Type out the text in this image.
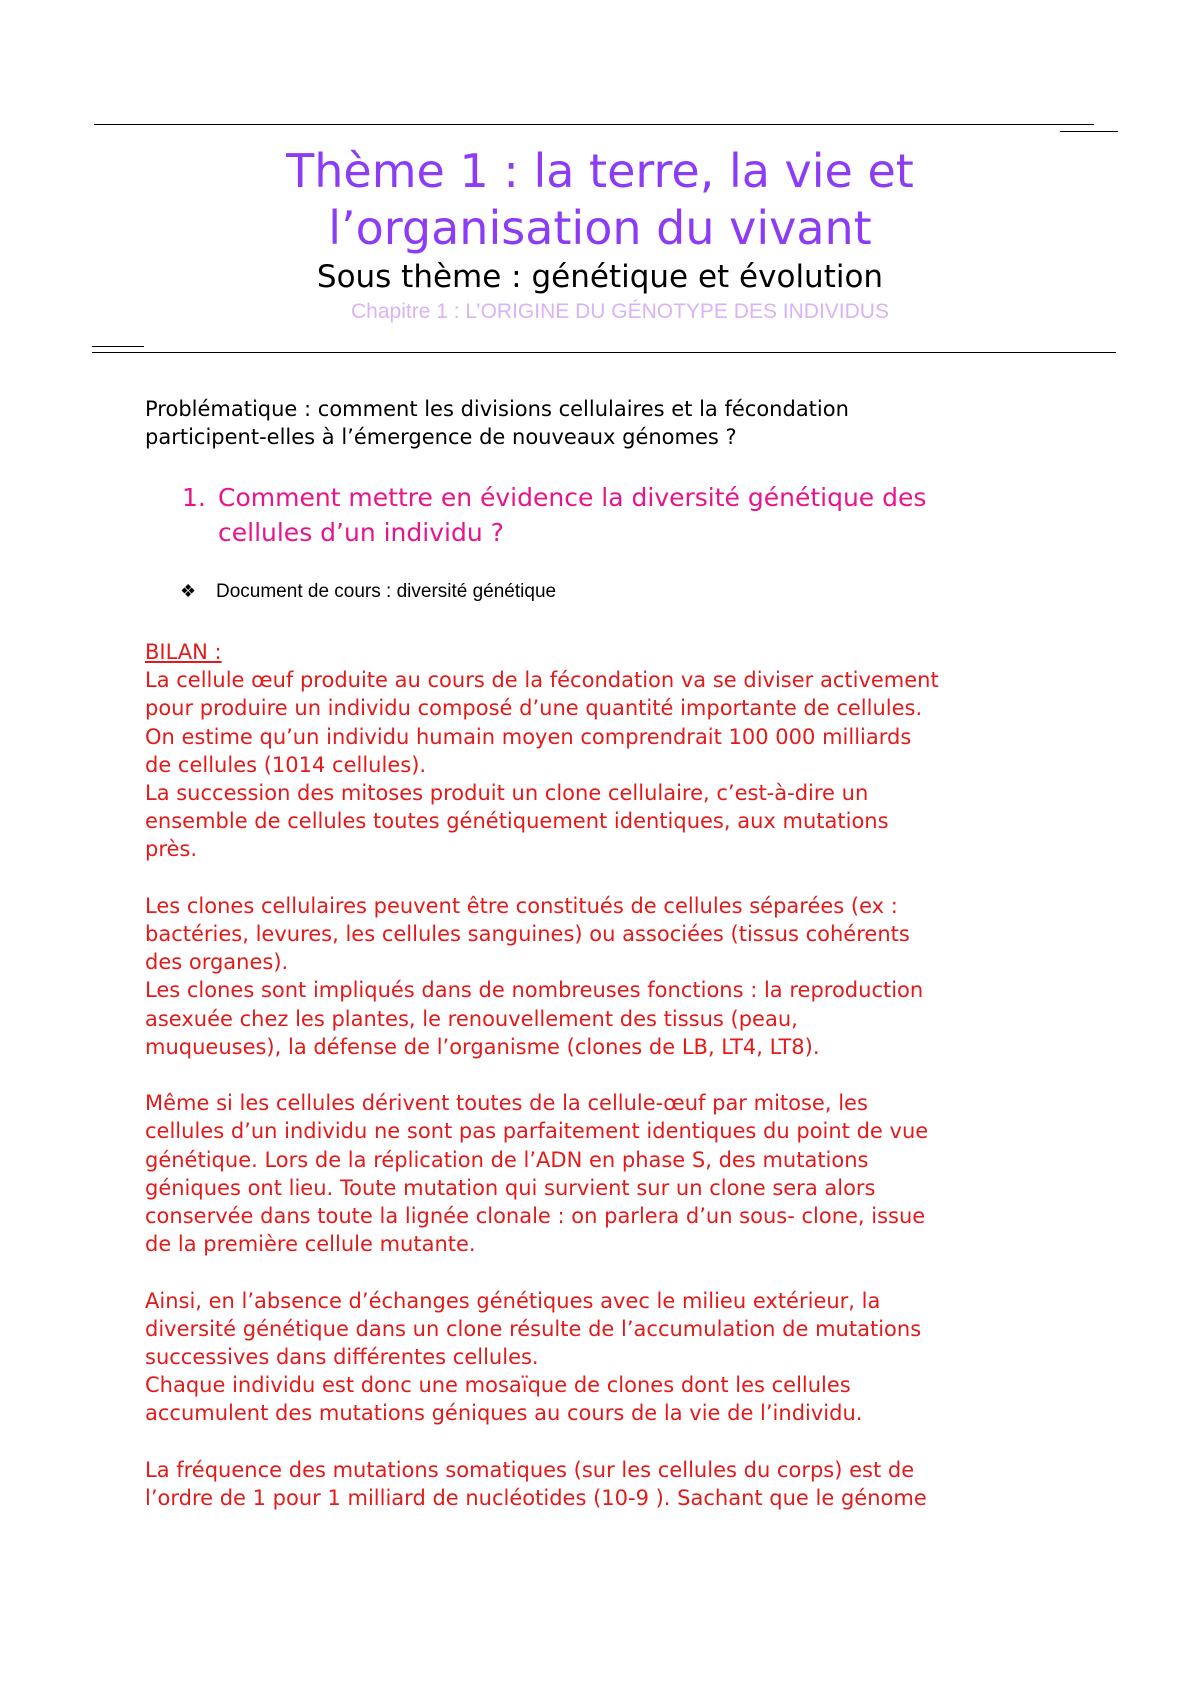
Thème 1 : la terre, la vie et
l’organisation du vivant
Sous thème : génétique et évolution
Chapitre 1 : L’ORIGINE DU GÉNOTYPE DES INDIVIDUS
Problématique : comment les divisions cellulaires et la fécondation
participent-elles à l’émergence de nouveaux génomes ?
1. Comment mettre en évidence la diversité génétique des
cellules d’un individu ?
❖ Document de cours : diversité génétique
BILAN :
La cellule œuf produite au cours de la fécondation va se diviser activement
pour produire un individu composé d’une quantité importante de cellules.
On estime qu’un individu humain moyen comprendrait 100 000 milliards
de cellules (1014 cellules).
La succession des mitoses produit un clone cellulaire, c’est-à-dire un
ensemble de cellules toutes génétiquement identiques, aux mutations
près.
Les clones cellulaires peuvent être constitués de cellules séparées (ex :
bactéries, levures, les cellules sanguines) ou associées (tissus cohérents
des organes).
Les clones sont impliqués dans de nombreuses fonctions : la reproduction
asexuée chez les plantes, le renouvellement des tissus (peau,
muqueuses), la défense de l’organisme (clones de LB, LT4, LT8).
Même si les cellules dérivent toutes de la cellule-œuf par mitose, les
cellules d’un individu ne sont pas parfaitement identiques du point de vue
génétique. Lors de la réplication de l’ADN en phase S, des mutations
géniques ont lieu. Toute mutation qui survient sur un clone sera alors
conservée dans toute la lignée clonale : on parlera d’un sous- clone, issue
de la première cellule mutante.
Ainsi, en l’absence d’échanges génétiques avec le milieu extérieur, la
diversité génétique dans un clone résulte de l’accumulation de mutations
successives dans différentes cellules.
Chaque individu est donc une mosaïque de clones dont les cellules
accumulent des mutations géniques au cours de la vie de l’individu.
La fréquence des mutations somatiques (sur les cellules du corps) est de
l’ordre de 1 pour 1 milliard de nucléotides (10-9 ). Sachant que le génome
